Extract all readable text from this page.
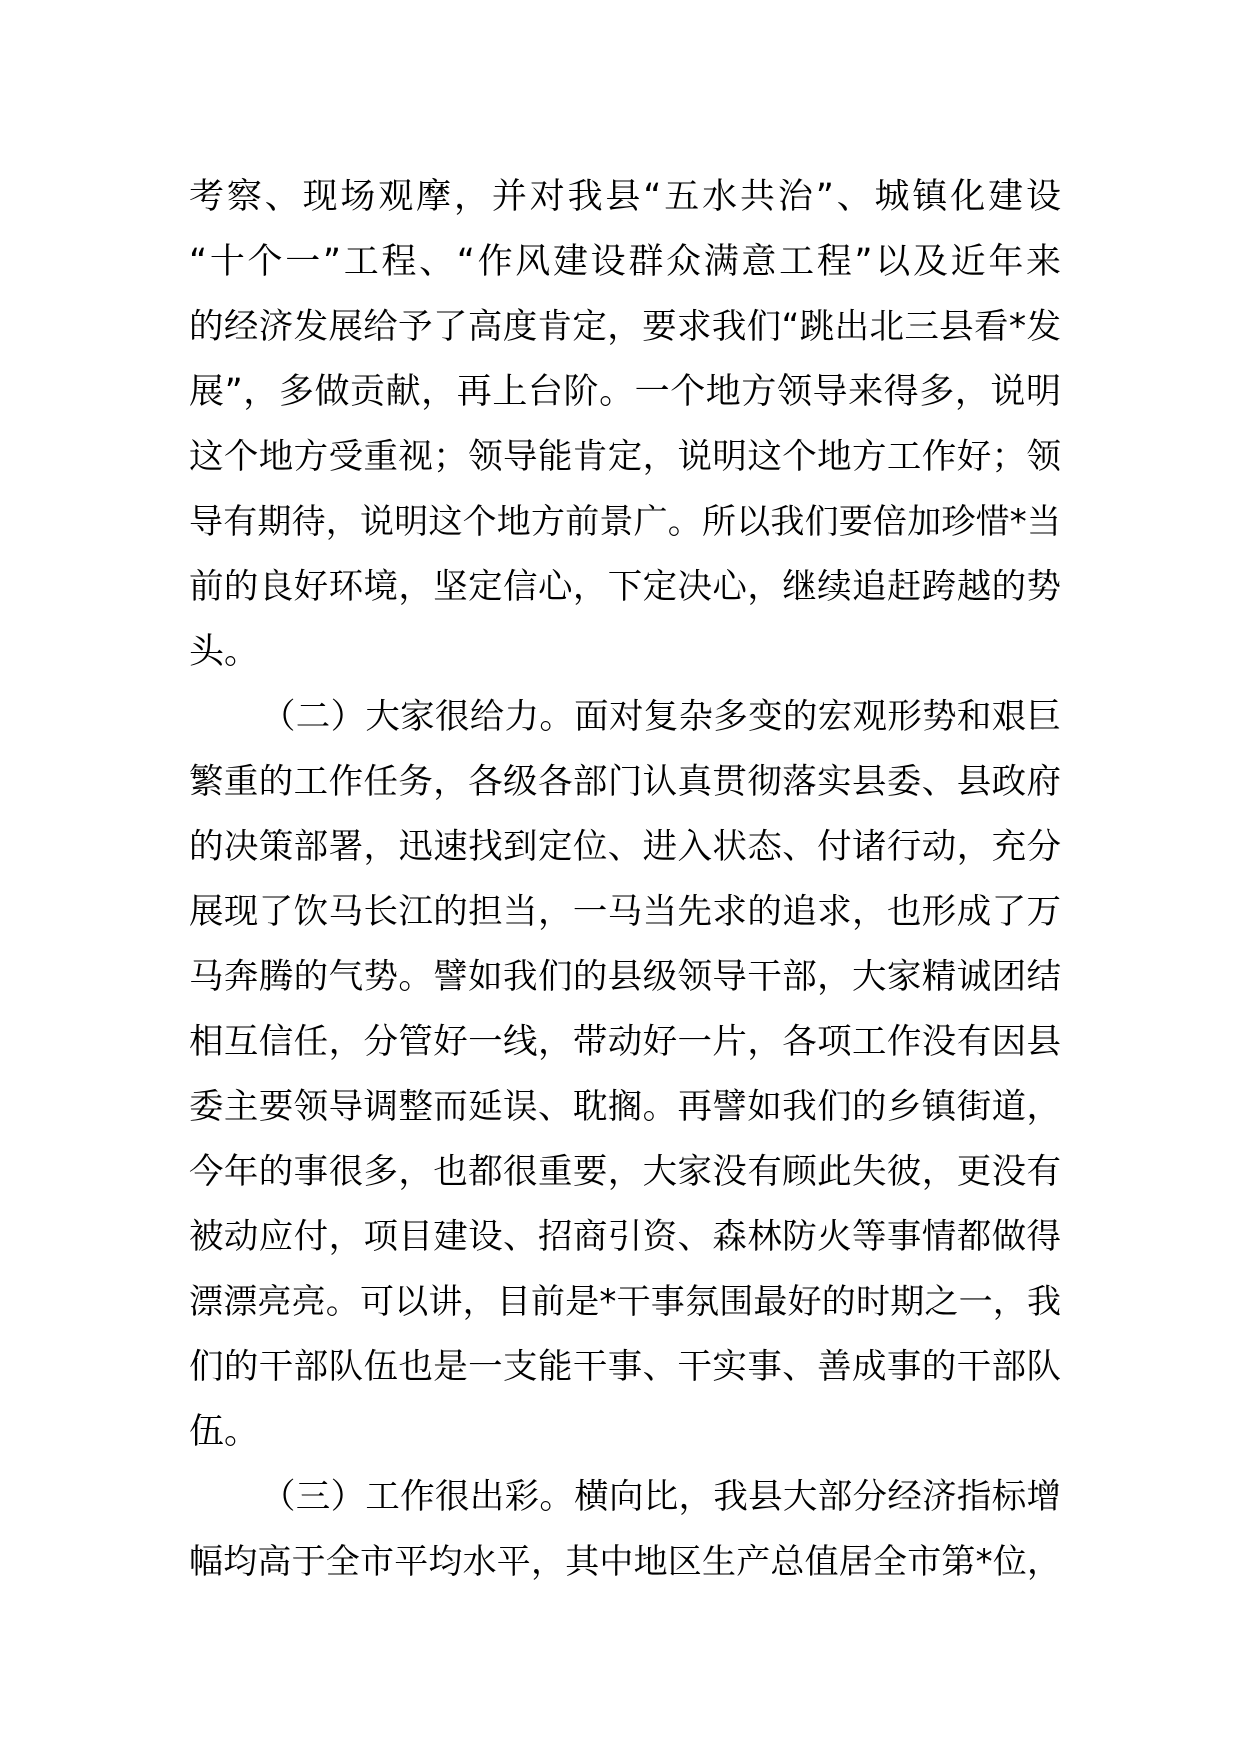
考察、现场观摩，并对我县“五水共治”、城镇化建设
“十个一”工程、“作风建设群众满意工程”以及近年来
的经济发展给予了高度肯定，要求我们“跳出北三县看*发
展”，多做贡献，再上台阶。一个地方领导来得多，说明
这个地方受重视；领导能肯定，说明这个地方工作好；领
导有期待，说明这个地方前景广。所以我们要倍加珍惜*当
前的良好环境，坚定信心，下定决心，继续追赶跨越的势
头。
（二）大家很给力。面对复杂多变的宏观形势和艰巨
繁重的工作任务，各级各部门认真贯彻落实县委、县政府
的决策部署，迅速找到定位、进入状态、付诸行动，充分
展现了饮马长江的担当，一马当先求的追求，也形成了万
马奔腾的气势。譬如我们的县级领导干部，大家精诚团结
相互信任，分管好一线，带动好一片，各项工作没有因县
委主要领导调整而延误、耽搁。再譬如我们的乡镇街道，
今年的事很多，也都很重要，大家没有顾此失彼，更没有
被动应付，项目建设、招商引资、森林防火等事情都做得
漂漂亮亮。可以讲，目前是*干事氛围最好的时期之一，我
们的干部队伍也是一支能干事、干实事、善成事的干部队
伍。
（三）工作很出彩。横向比，我县大部分经济指标增
幅均高于全市平均水平，其中地区生产总值居全市第*位，
